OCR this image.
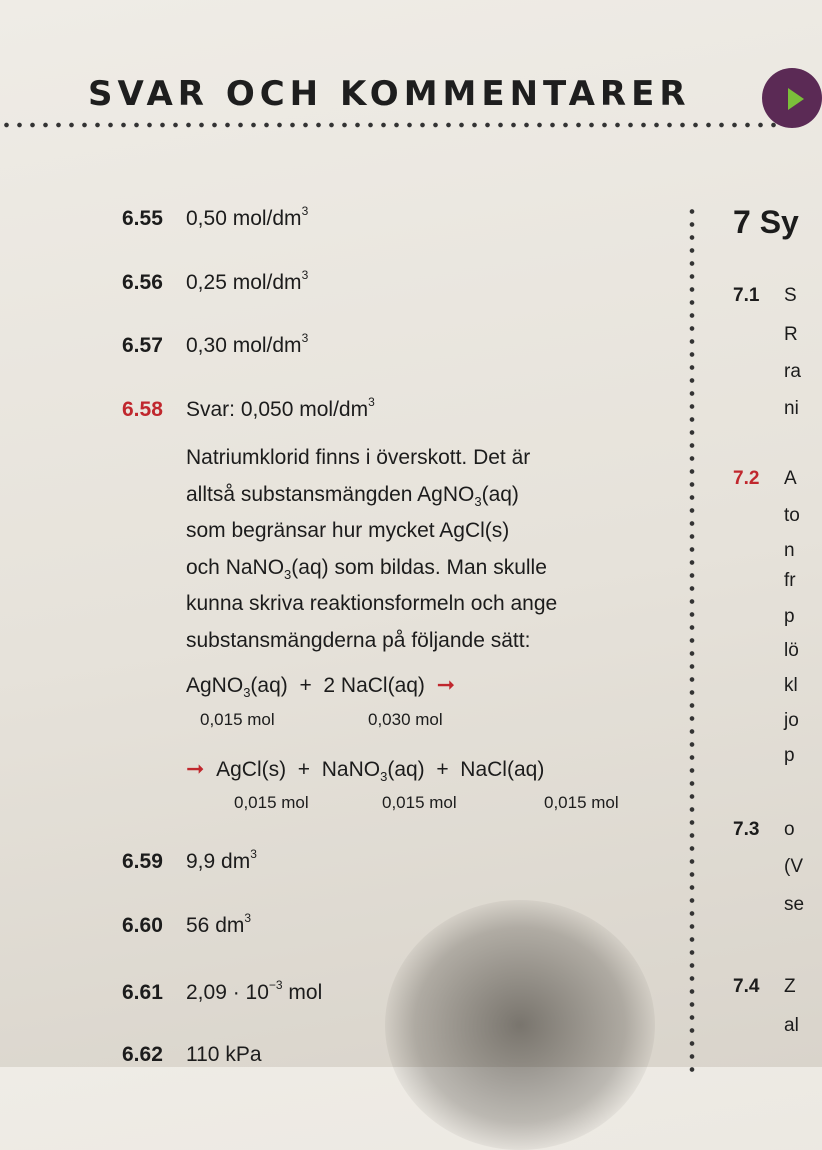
SVAR OCH KOMMENTARER
6.55 0,50 mol/$dm^3$
6.56 0,25 mol/$dm^3$
6.57 0,30 mol/$dm^3$
6.58 Svar: 0,050 mol/$dm^3$
Natriumklorid finns i överskott. Det är
alltså substansmängden AgNO$_3$(aq)
som begränsar hur mycket AgCl(s)
och NaNO$_3$(aq) som bildas. Man skulle
kunna skriva reaktionsformeln och ange
substansmängderna på följande sätt:
AgNO$_3$(aq) + 2 NaCl(aq) ➞
0,015 mol	0,030 mol
➞ AgCl(s) + NaNO$_3$(aq) + NaCl(aq)
0,015 mol	0,015 mol	0,015 mol
6.59 9,9 $dm^3$
6.60 56 $dm^3$
6.61 $2,09 \cdot 10^{-3}$ mol
6.62 110 kPa
7 Sy
7.1 S
R
ra
ni
7.2 A
to
n
fr
p
lö
kl
jo
p
7.3 o
(V
se
7.4 Z
al
